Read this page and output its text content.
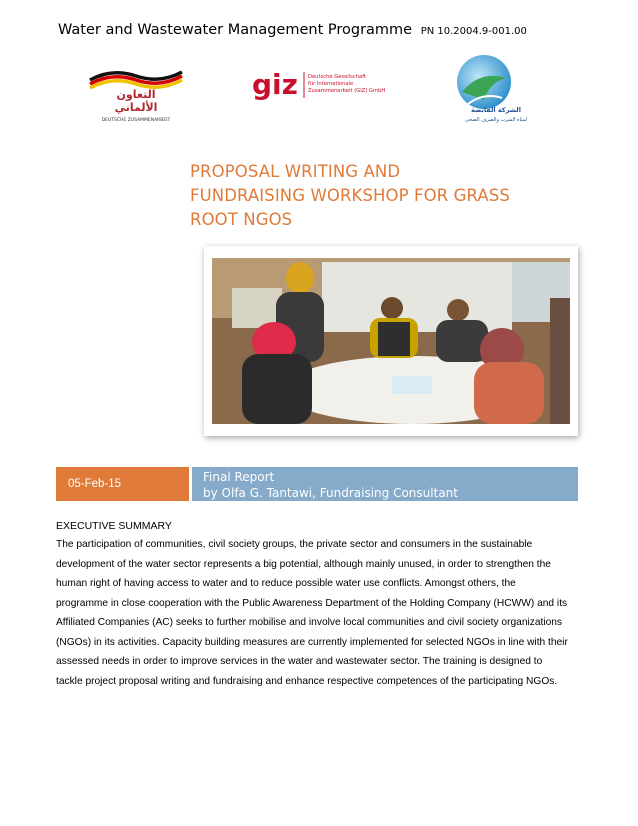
Water and Wastewater Management Programme PN 10.2004.9-001.00
التعاون
الألماني
DEUTSCHE ZUSAMMENARBEIT
giz Deutsche Gesellschaft
für Internationale
Zusammenarbeit (GIZ) GmbH
الشركة القابضة
لمياه الشرب والصرف الصحي
PROPOSAL WRITING AND
FUNDRAISING WORKSHOP FOR GRASS
ROOT NGOS
05-Feb-15	Final Report
by Olfa G. Tantawi, Fundraising Consultant
EXECUTIVE SUMMARY
The participation of communities, civil society groups, the private sector and consumers in the sustainable
development of the water sector represents a big potential, although mainly unused, in order to strengthen the
human right of having access to water and to reduce possible water use conflicts. Amongst others, the
programme in close cooperation with the Public Awareness Department of the Holding Company (HCWW) and its
Affiliated Companies (AC) seeks to further mobilise and involve local communities and civil society organizations
(NGOs) in its activities. Capacity building measures are currently implemented for selected NGOs in line with their
assessed needs in order to improve services in the water and wastewater sector. The training is designed to
tackle project proposal writing and fundraising and enhance respective competences of the participating NGOs.
